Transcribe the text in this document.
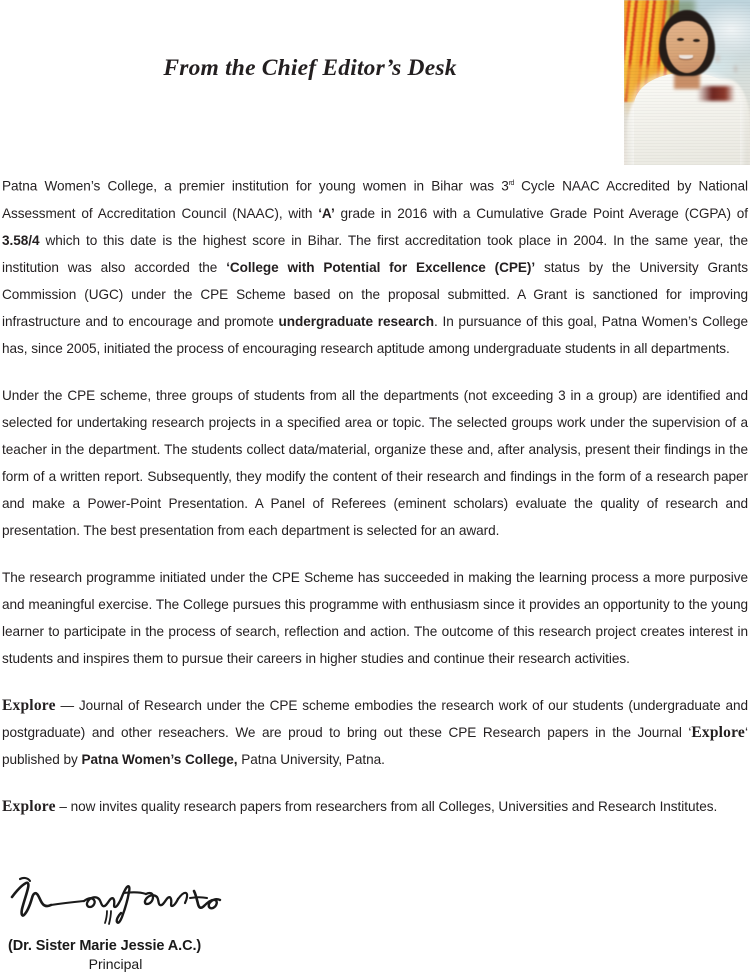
From the Chief Editor’s Desk

Patna Women’s College, a premier institution for young women in Bihar was 3rd Cycle NAAC Accredited by National Assessment of Accreditation Council (NAAC), with ‘A’ grade in 2016 with a Cumulative Grade Point Average (CGPA) of 3.58/4 which to this date is the highest score in Bihar. The first accreditation took place in 2004. In the same year, the institution was also accorded the ‘College with Potential for Excellence (CPE)’ status by the University Grants Commission (UGC) under the CPE Scheme based on the proposal submitted. A Grant is sanctioned for improving infrastructure and to encourage and promote undergraduate research. In pursuance of this goal, Patna Women’s College has, since 2005, initiated the process of encouraging research aptitude among undergraduate students in all departments.

Under the CPE scheme, three groups of students from all the departments (not exceeding 3 in a group) are identified and selected for undertaking research projects in a specified area or topic. The selected groups work under the supervision of a teacher in the department. The students collect data/material, organize these and, after analysis, present their findings in the form of a written report. Subsequently, they modify the content of their research and findings in the form of a research paper and make a Power-Point Presentation. A Panel of Referees (eminent scholars) evaluate the quality of research and presentation. The best presentation from each department is selected for an award.

The research programme initiated under the CPE Scheme has succeeded in making the learning process a more purposive and meaningful exercise. The College pursues this programme with enthusiasm since it provides an opportunity to the young learner to participate in the process of search, reflection and action. The outcome of this research project creates interest in students and inspires them to pursue their careers in higher studies and continue their research activities.

Explore — Journal of Research under the CPE scheme embodies the research work of our students (undergraduate and postgraduate) and other reseachers. We are proud to bring out these CPE Research papers in the Journal ‘Explore‘ published by Patna Women’s College, Patna University, Patna.

Explore – now invites quality research papers from researchers from all Colleges, Universities and Research Institutes.

(Dr. Sister Marie Jessie A.C.)
Principal
